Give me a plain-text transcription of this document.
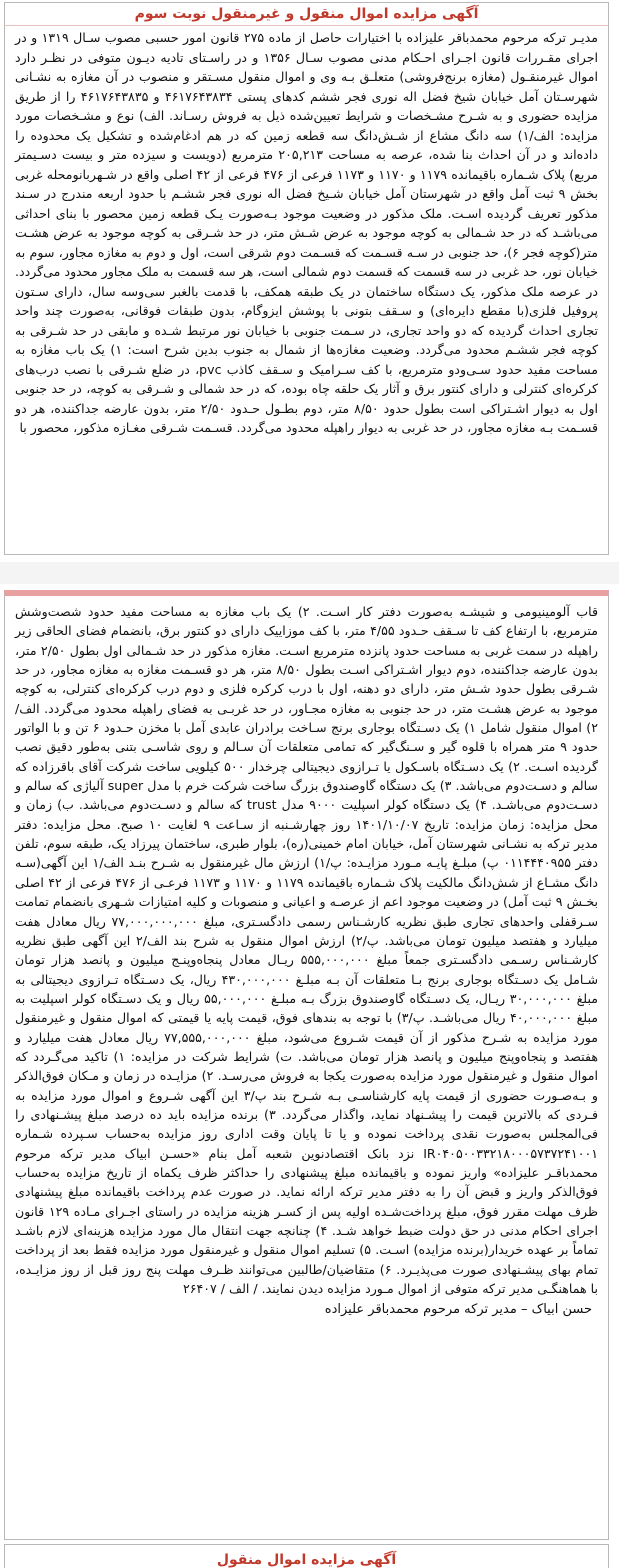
آگهی مزایده اموال منقول و غیرمنقول نوبت سوم
مدیـر ترکه مرحوم محمدباقر علیزاده با اختیارات حاصل از ماده ۲۷۵ قانون امور حسبی مصوب سـال ۱۳۱۹ و در اجرای مقـررات قانون اجـرای احـکام مدنی مصوب سـال ۱۳۵۶ و در راسـتای تادیه دیـون متوفی در نظـر دارد اموال غیرمنقـول (مغازه برنج‌فروشی) متعلـق بـه وی و اموال منقول مسـتقر و منصوب در آن مغازه به نشـانی شهرسـتان آمل خیابان شیخ فضل اله نوری فجر ششم کدهای پستی ۴۶۱۷۶۴۳۸۳۴ و ۴۶۱۷۶۴۳۸۳۵ را از طریق مزایده حضوری و به شـرح مشـخصات و شرایط تعیین‌شده ذیل به فروش رسـاند. الف) نوع و مشـخصات مورد مزایده: الف/۱) سه دانگ مشاع از شـش‌دانگ سه قطعه زمین که در هم ادغام‌شده و تشکیل یک محدوده را داده‌اند و در آن احداث بنا شده، عرصه به مساحت ۲۰۵,۲۱۳ مترمربع (دویست و سیزده متر و بیست دسـیمتر مربع) پلاک شـماره باقیمانده ۱۱۷۹ و ۱۱۷۰ و ۱۱۷۳ فرعی از ۴۷۶ فرعی از ۴۲ اصلی واقع در شـهربانومحله غربی بخش ۹ ثبت آمل واقع در شهرستان آمل خیابان شـیخ فضل اله نوری فجر ششـم با حدود اربعه مندرج در سـند مذکور تعریف گردیده اسـت. ملک مذکور در وضعیت موجود بـه‌صورت یـک قطعه زمین محصور با بنای احداثی می‌باشـد که در حد شـمالی به کوچه موجود به عرض شـش متر، در حد شـرقی به کوچه موجود به عرض هشـت متر(کوچه فجر ۶)، حد جنوبی در سـه قسـمت که قسـمت دوم شرقی است، اول و دوم به مغازه مجاور، سوم به خیابان نور، حد غربی در سه قسمت که قسمت دوم شمالی است، هر سه قسمت به ملک مجاور محدود می‌گردد. در عرصه ملک مذکور، یک دستگاه ساختمان در یک طبقه همکف، با قدمت بالغبر سی‌وسه سال، دارای سـتون پروفیل فلزی(با مقطع دایره‌ای) و سـقف بتونی با پوشش ایزوگام، بدون طبقات فوقانی، به‌صورت چند واحد تجاری احداث گردیده که دو واحد تجاری، در سـمت جنوبی با خیابان نور مرتبط شـده و مابقی در حد شـرقی به کوچه فجر ششـم محدود می‌گردد. وضعیت مغازه‌ها از شمال به جنوب بدین شرح است: ۱) یک باب مغازه به مساحت مفید حدود سـی‌ودو مترمربع، با کف سـرامیک و سـقف کاذب pvc، در ضلع شـرقی با نصب درب‌های کرکره‌ای کنترلی و دارای کنتور برق و آثار یک حلقه چاه بوده، که در حد شمالی و شـرقی به کوچه، در حد جنوبی اول به دیوار اشـتراکی است بطول حدود ۸/۵۰ متر، دوم بطـول حـدود ۲/۵۰ متر، بدون عارضه جداکننده، هر دو قسـمت بـه مغازه مجاور، در حد غربی به دیوار راهپله محدود می‌گردد. قسـمت شـرقی مغـازه مذکور، محصور با
قاب آلومینیومی و شیشـه به‌صورت دفتر کار اسـت. ۲) یک باب مغازه به مساحت مفید حدود شصت‌وشش مترمربع، با ارتفاع کف تا سـقف حـدود ۴/۵۵ متر، با کف موزاییک دارای دو کنتور برق، بانضمام فضای الحاقی زیر راهپله در سمت غربی به مساحت حدود پانزده مترمربع اسـت. مغازه مذکور در حد شـمالی اول بطول ۲/۵۰ متر، بدون عارضه جداکننده، دوم دیوار اشـتراکی اسـت بطول ۸/۵۰ متر، هر دو قسـمت مغازه به مغازه مجاور، در حد شـرقی بطول حدود شـش متر، دارای دو دهنه، اول با درب کرکره فلزی و دوم درب کرکره‌ای کنترلی، به کوچه موجود به عرض هشـت متر، در حد جنوبی به مغازه مجـاور، در حد غربـی به فضای راهپله محدود می‌گردد. الف/۲) اموال منقول شامل ۱) یک دسـتگاه بوجاری برنج سـاخت برادران عابدی آمل با مخزن حـدود ۶ تن و با الواتور حدود ۹ متر همراه با قلوه گیر و سـنگ‌گیر که تمامی متعلقات آن سـالم و روی شاسـی بتنی به‌طور دقیق نصب گردیده اسـت. ۲) یک دسـتگاه باسـکول یا تـرازوی دیجیتالی چرخدار ۵۰۰ کیلویی ساخت شرکت آقای باقرزاده که سالم و دسـت‌دوم می‌باشد. ۳) یک دستگاه گاوصندوق بزرگ ساخت شرکت خرم با مدل super آلیاژی که سالم و دسـت‌دوم می‌باشـد. ۴) یک دستگاه کولر اسپلیت ۹۰۰۰ مدل trust که سالم و دسـت‌دوم می‌باشد. ب) زمان و محل مزایده: زمان مزایده: تاریخ ۱۴۰۱/۱۰/۰۷ روز چهارشـنبه از سـاعت ۹ لغایت ۱۰ صبح. محل مزایده: دفتر مدیر ترکه به نشـانی شهرستان آمل، خیابان امام خمینی(ره)، بلوار طبری، ساختمان پیرزاد یک، طبقه سوم، تلفن دفتر ۰۱۱۴۴۴۰۹۵۵ پ) مبلـغ پایـه مـورد مزایـده: پ/۱) ارزش مال غیرمنقول به شـرح بنـد الف/۱ این آگهی(سـه دانگ مشـاع از شش‌دانگ مالکیت پلاک شـماره باقیمانده ۱۱۷۹ و ۱۱۷۰ و ۱۱۷۳ فرعـی از ۴۷۶ فرعی از ۴۲ اصلی بخـش ۹ ثبت آمل) در وضعیت موجود اعم از عرصـه و اعیانی و منصوبات و کلیه امتیازات شـهری بانضمام تمامت سـرقفلی واحدهای تجاری طبق نظریه کارشـناس رسمی دادگسـتری، مبلغ ۷۷,۰۰۰,۰۰۰,۰۰۰ ریال معادل هفت میلیارد و هفتصد میلیون تومان می‌باشد. پ/۲) ارزش اموال منقول به شرح بند الف/۲ این آگهی طبق نظریه کارشـناس رسـمی دادگسـتری جمعاً مبلغ ۵۵۵,۰۰۰,۰۰۰ ریـال معادل پنجاه‌وپنـج میلیون و پانصد هزار تومان شـامل یک دسـتگاه بوجاری برنج بـا متعلقات آن بـه مبلـغ ۴۳۰,۰۰۰,۰۰۰ ریال، یک دسـتگاه تـرازوی دیجیتالی به مبلغ ۳۰,۰۰۰,۰۰۰ ریـال، یک دسـتگاه گاوصندوق بزرگ بـه مبلـغ ۵۵,۰۰۰,۰۰۰ ریال و یک دسـتگاه کولر اسپلیت به مبلغ ۴۰,۰۰۰,۰۰۰ ریال می‌باشـد. پ/۳) با توجه به بندهای فوق، قیمت پایه یا قیمتی که اموال منقول و غیرمنقول مورد مزایده به شـرح مذکور از آن قیمت شـروع می‌شود، مبلغ ۷۷,۵۵۵,۰۰۰,۰۰۰ ریال معادل هفت میلیارد و هفتصد و پنجاه‌وپنج میلیون و پانصد هزار تومان می‌باشد. ت) شرایط شرکت در مزایده: ۱) تاکید می‌گـردد که اموال منقول و غیرمنقول مورد مزایده به‌صورت یکجا به فروش می‌رسـد. ۲) مزایـده در زمان و مـکان فوق‌الذکر و بـه‌صـورت حضوری از قیمت پایه کارشناسـی بـه شـرح بند پ/۳ این آگهی شـروع و اموال مورد مزایده به فـردی که بالاترین قیمت را پیشـنهاد نماید، واگذار می‌گردد. ۳) برنده مزایده باید ده درصد مبلغ پیشـنهادی را فی‌المجلس به‌صورت نقدی پرداخت نموده و یا تا پایان وقت اداری روز مزایده به‌حساب سـپرده شـماره IR۰۴۰۵۰۰۳۳۲۱۸۰۰۰۵۷۳۷۲۴۱۰۰۱ نزد بانک اقتصادنوین شعبه آمل بنام «حسـن ابیاک مدیر ترکه مرحوم محمدباقـر علیزاده» واریز نموده و باقیمانده مبلغ پیشنهادی را حداکثر ظرف یکماه از تاریخ مزایده به‌حساب فوق‌الذکر واریز و قبض آن را به دفتر مدیر ترکه ارائه نماید. در صورت عدم پرداخت باقیمانده مبلغ پیشنهادی ظرف مهلت مقرر فوق، مبلغ پرداخت‌شـده اولیه پس از کسـر هزینه مزایده در راستای اجـرای مـاده ۱۲۹ قانون اجرای احکام مدنی در حق دولت ضبط خواهد شـد. ۴) چنانچه جهت انتقال مال مورد مزایده هزینه‌ای لازم باشـد تماماً بر عهده خریدار(برنده مزایده) اسـت. ۵) تسلیم اموال منقول و غیرمنقول مورد مزایده فقط بعد از پرداخت تمام بهای پیشـنهادی صورت می‌پذیـرد. ۶) متقاضیان/طالبین می‌توانند ظـرف مهلت پنج روز قبل از روز مزایـده، با هماهنگـی مدیر ترکه متوفی از اموال مـورد مزایده دیدن نمایند. / الف / ۲۶۴۰۷
حسن ابیاک – مدیر ترکه مرحوم محمدباقر علیزاده
آگهی مزایده اموال منقول
